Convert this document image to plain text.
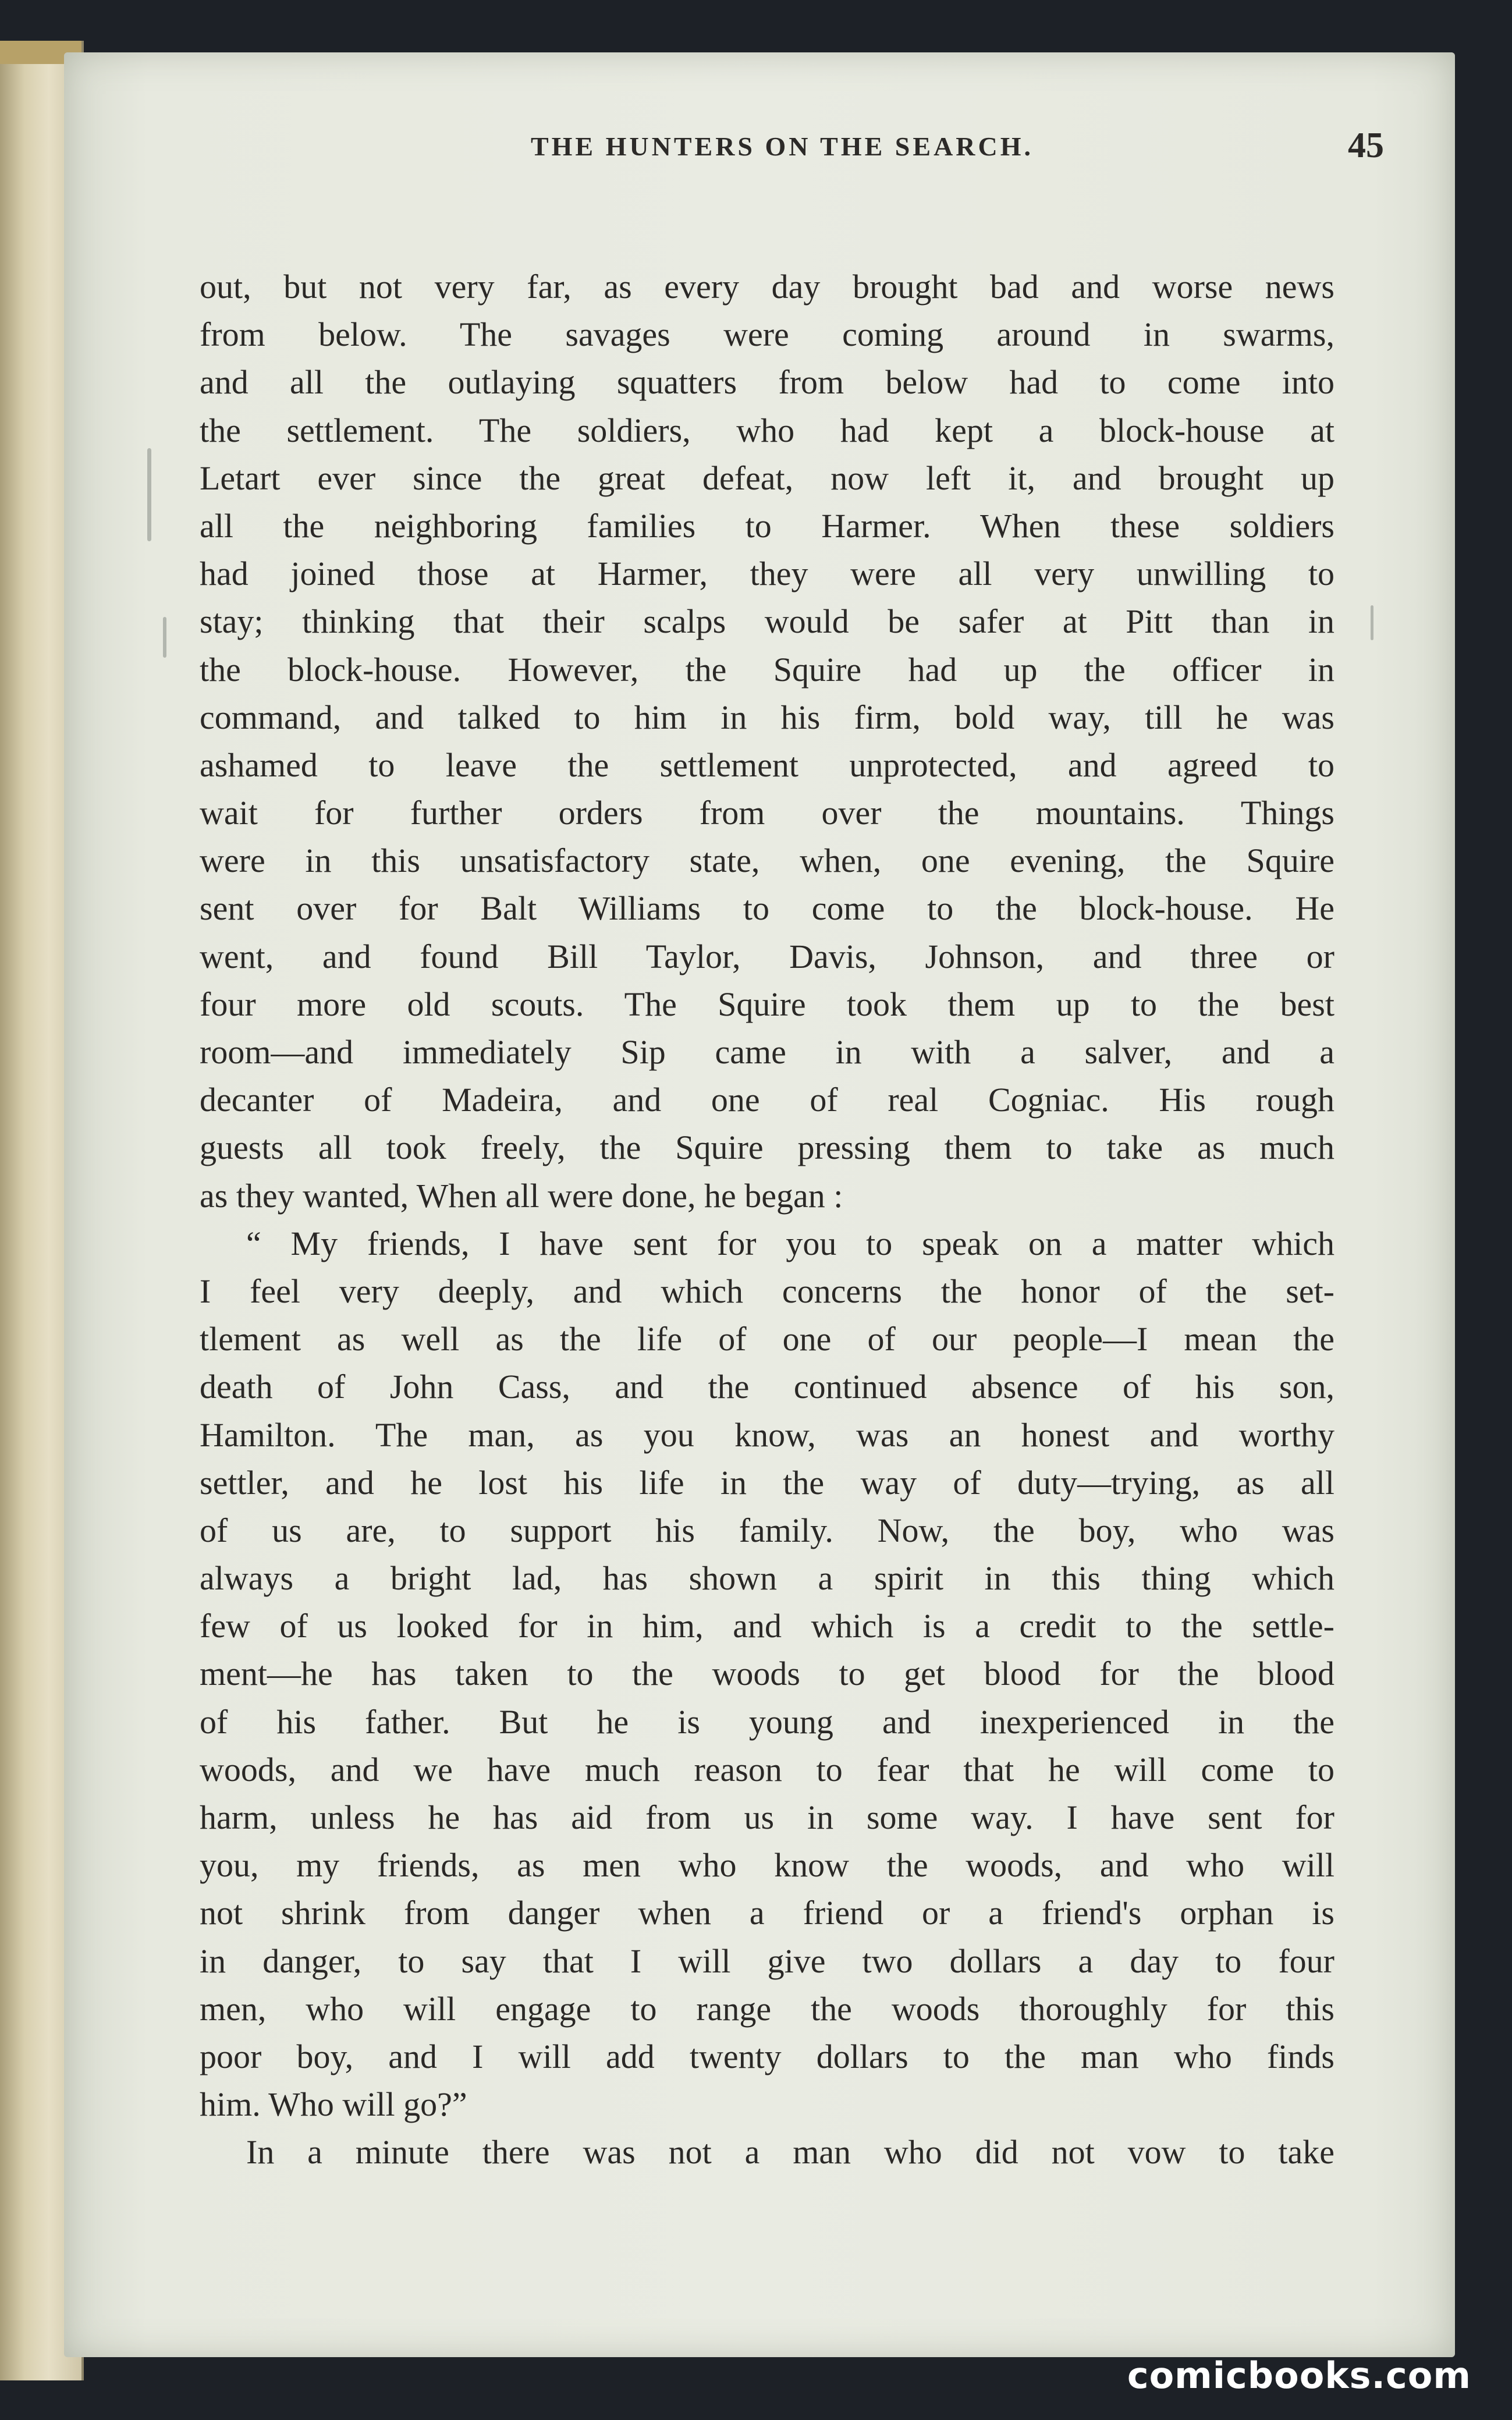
THE HUNTERS ON THE SEARCH.	45
out, but not very far, as every day brought bad and worse news
from below. The savages were coming around in swarms,
and all the outlaying squatters from below had to come into
the settlement. The soldiers, who had kept a block-house at
Letart ever since the great defeat, now left it, and brought up
all the neighboring families to Harmer. When these soldiers
had joined those at Harmer, they were all very unwilling to
stay; thinking that their scalps would be safer at Pitt than in
the block-house. However, the Squire had up the officer in
command, and talked to him in his firm, bold way, till he was
ashamed to leave the settlement unprotected, and agreed to
wait for further orders from over the mountains. Things
were in this unsatisfactory state, when, one evening, the Squire
sent over for Balt Williams to come to the block-house. He
went, and found Bill Taylor, Davis, Johnson, and three or
four more old scouts. The Squire took them up to the best
room—and immediately Sip came in with a salver, and a
decanter of Madeira, and one of real Cogniac. His rough
guests all took freely, the Squire pressing them to take as much
as they wanted, When all were done, he began :
“ My friends, I have sent for you to speak on a matter which
I feel very deeply, and which concerns the honor of the set-
tlement as well as the life of one of our people—I mean the
death of John Cass, and the continued absence of his son,
Hamilton. The man, as you know, was an honest and worthy
settler, and he lost his life in the way of duty—trying, as all
of us are, to support his family. Now, the boy, who was
always a bright lad, has shown a spirit in this thing which
few of us looked for in him, and which is a credit to the settle-
ment—he has taken to the woods to get blood for the blood
of his father. But he is young and inexperienced in the
woods, and we have much reason to fear that he will come to
harm, unless he has aid from us in some way. I have sent for
you, my friends, as men who know the woods, and who will
not shrink from danger when a friend or a friend's orphan is
in danger, to say that I will give two dollars a day to four
men, who will engage to range the woods thoroughly for this
poor boy, and I will add twenty dollars to the man who finds
him. Who will go?”
In a minute there was not a man who did not vow to take
comicbooks.com
